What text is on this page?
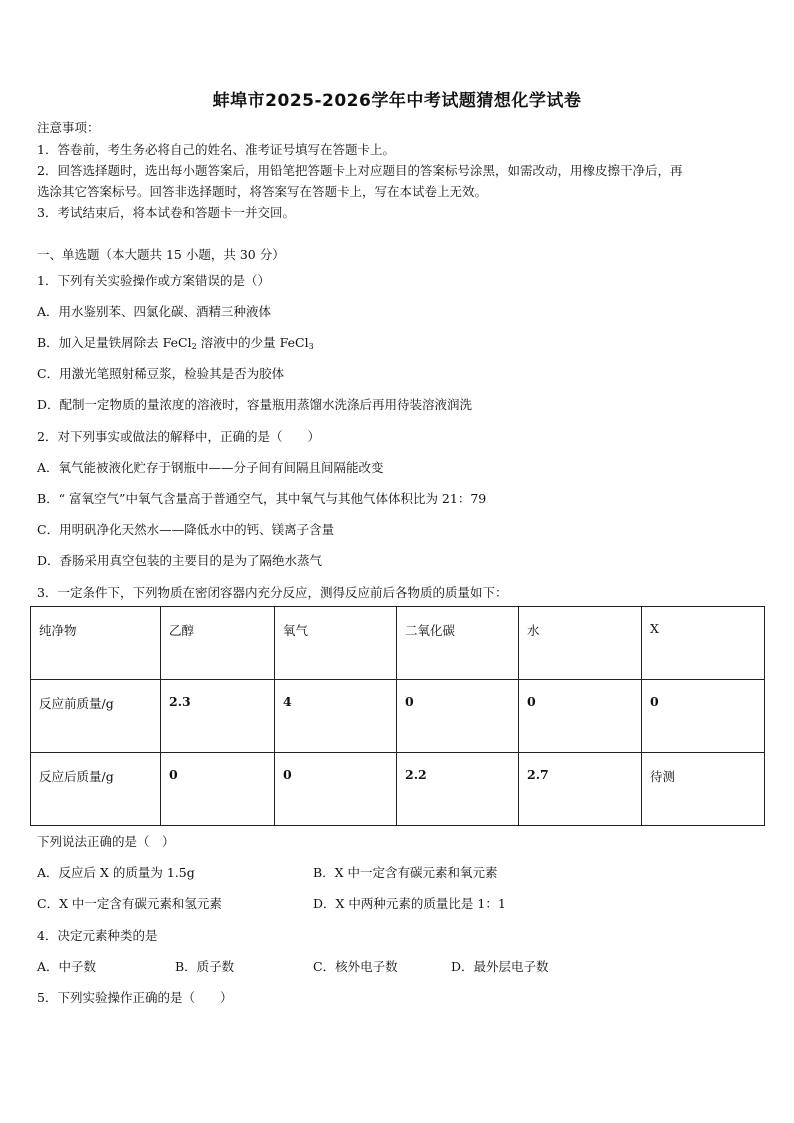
蚌埠市2025-2026学年中考试题猜想化学试卷
注意事项：
1．答卷前，考生务必将自己的姓名、准考证号填写在答题卡上。
2．回答选择题时，选出每小题答案后，用铅笔把答题卡上对应题目的答案标号涂黑，如需改动，用橡皮擦干净后，再
选涂其它答案标号。回答非选择题时，将答案写在答题卡上，写在本试卷上无效。
3．考试结束后，将本试卷和答题卡一并交回。
一、单选题（本大题共 15 小题，共 30 分）
1．下列有关实验操作或方案错误的是（）
A．用水鉴别苯、四氯化碳、酒精三种液体
B．加入足量铁屑除去 FeCl$_2$ 溶液中的少量 FeCl$_3$
C．用激光笔照射稀豆浆，检验其是否为胶体
D．配制一定物质的量浓度的溶液时，容量瓶用蒸馏水洗涤后再用待装溶液润洗
2．对下列事实或做法的解释中，正确的是（　　）
A．氧气能被液化贮存于钢瓶中——分子间有间隔且间隔能改变
B．“ 富氧空气”中氧气含量高于普通空气，其中氧气与其他气体体积比为 21：79
C．用明矾净化天然水——降低水中的钙、镁离子含量
D．香肠采用真空包装的主要目的是为了隔绝水蒸气
3．一定条件下，下列物质在密闭容器内充分反应，测得反应前后各物质的质量如下：
纯净物	乙醇	氧气	二氧化碳	水	X
反应前质量/g	2.3	4	0	0	0
反应后质量/g	0	0	2.2	2.7	待测
下列说法正确的是（　）
A．反应后 X 的质量为 1.5g	B．X 中一定含有碳元素和氧元素
C．X 中一定含有碳元素和氢元素	D．X 中两种元素的质量比是 1：1
4．决定元素种类的是
A．中子数	B．质子数	C．核外电子数	D．最外层电子数
5．下列实验操作正确的是（　　）
